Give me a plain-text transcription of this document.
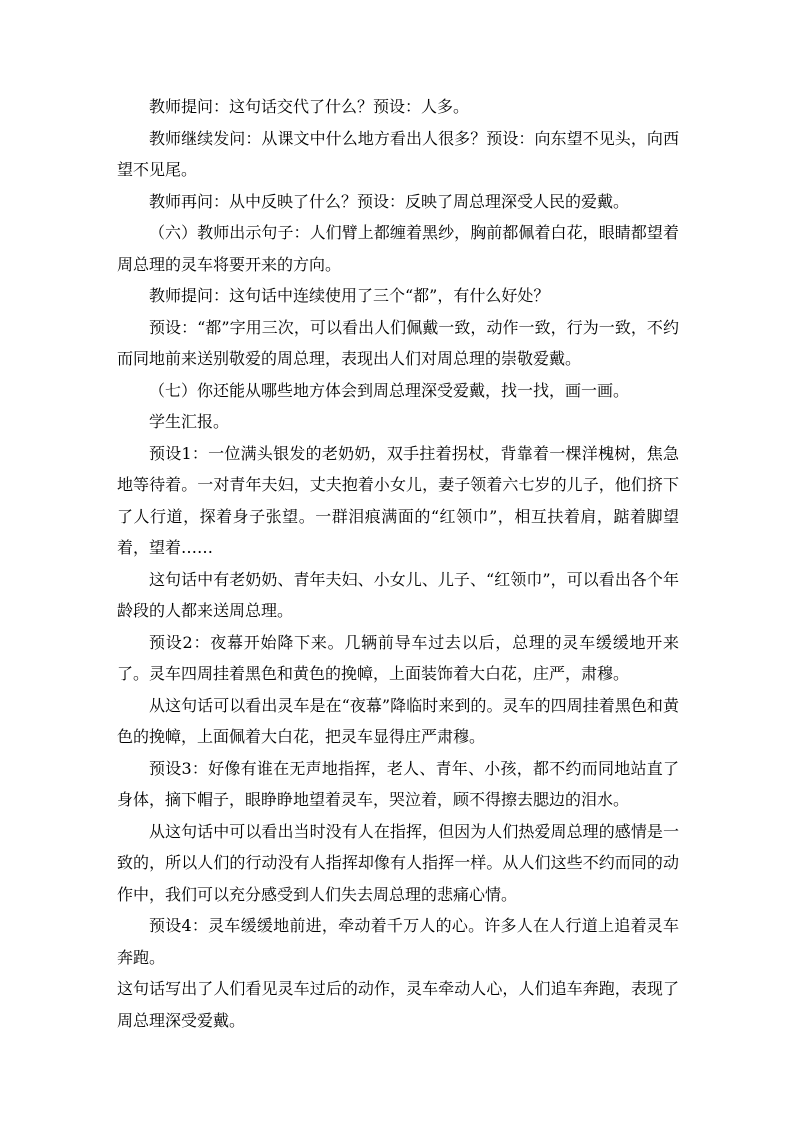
教师提问：这句话交代了什么？预设：人多。

教师继续发问：从课文中什么地方看出人很多？预设：向东望不见头，向西望不见尾。

教师再问：从中反映了什么？预设：反映了周总理深受人民的爱戴。

（六）教师出示句子：人们臂上都缠着黑纱，胸前都佩着白花，眼睛都望着周总理的灵车将要开来的方向。

教师提问：这句话中连续使用了三个“都”，有什么好处？

预设：“都”字用三次，可以看出人们佩戴一致，动作一致，行为一致，不约而同地前来送别敬爱的周总理，表现出人们对周总理的崇敬爱戴。

（七）你还能从哪些地方体会到周总理深受爱戴，找一找，画一画。

学生汇报。

预设1：一位满头银发的老奶奶，双手拄着拐杖，背靠着一棵洋槐树，焦急地等待着。一对青年夫妇，丈夫抱着小女儿，妻子领着六七岁的儿子，他们挤下了人行道，探着身子张望。一群泪痕满面的“红领巾”，相互扶着肩，踮着脚望着，望着……

这句话中有老奶奶、青年夫妇、小女儿、儿子、“红领巾”，可以看出各个年龄段的人都来送周总理。

预设2：夜幕开始降下来。几辆前导车过去以后，总理的灵车缓缓地开来了。灵车四周挂着黑色和黄色的挽幛，上面装饰着大白花，庄严，肃穆。

从这句话可以看出灵车是在“夜幕”降临时来到的。灵车的四周挂着黑色和黄色的挽幛，上面佩着大白花，把灵车显得庄严肃穆。

预设3：好像有谁在无声地指挥，老人、青年、小孩，都不约而同地站直了身体，摘下帽子，眼睁睁地望着灵车，哭泣着，顾不得擦去腮边的泪水。

从这句话中可以看出当时没有人在指挥，但因为人们热爱周总理的感情是一致的，所以人们的行动没有人指挥却像有人指挥一样。从人们这些不约而同的动作中，我们可以充分感受到人们失去周总理的悲痛心情。

预设4：灵车缓缓地前进，牵动着千万人的心。许多人在人行道上追着灵车奔跑。

这句话写出了人们看见灵车过后的动作，灵车牵动人心，人们追车奔跑，表现了周总理深受爱戴。
